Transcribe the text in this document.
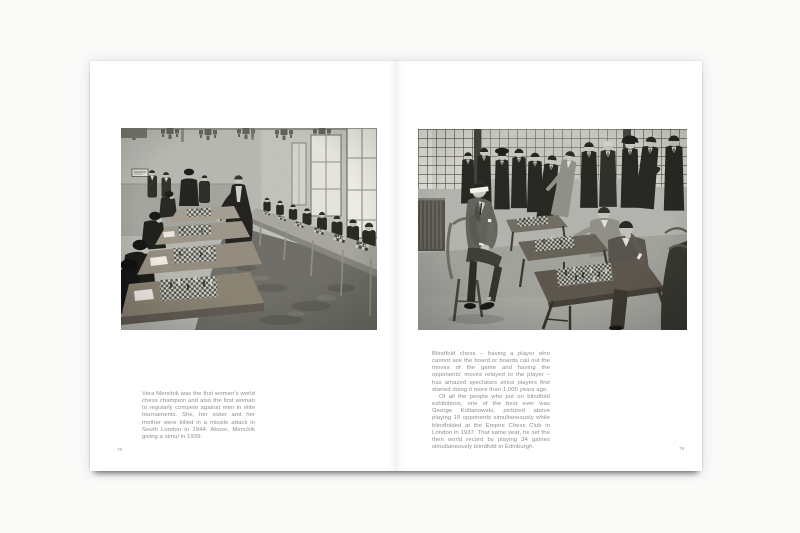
Vera Menchik was the first women's world chess champion and also the first woman to regularly compete against men in elite tournaments. She, her sister and her mother were killed in a missile attack in South London in 1944. Above, Menchik giving a simul in 1939.

78

Blindfold chess – having a player who cannot see the board or boards call out the moves of the game and having the opponents' moves relayed to the player – has amazed spectators since players first started doing it more than 1,000 years ago.

Of all the people who put on blindfold exhibitions, one of the best ever was George Koltanowski, pictured above playing 10 opponents simultaneously while blindfolded at the Empire Chess Club in London in 1937. That same year, he set the then world record by playing 34 games simultaneously blindfold in Edinburgh.	79
